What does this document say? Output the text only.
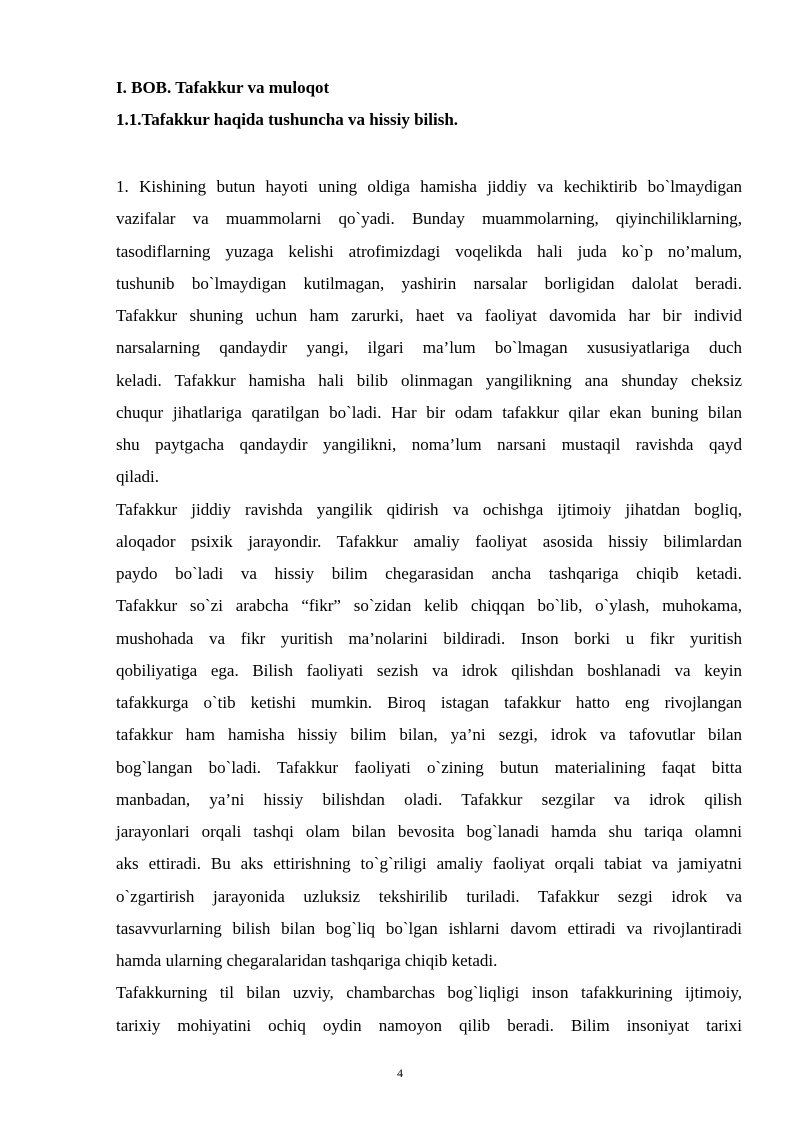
I. BOB. Tafakkur va muloqot
1.1.Tafakkur haqida tushuncha va hissiy bilish.
1. Kishining butun hayoti uning oldiga hamisha jiddiy va kechiktirib bo`lmaydigan
vazifalar va muammolarni qo`yadi. Bunday muammolarning, qiyinchiliklarning,
tasodiflarning yuzaga kelishi atrofimizdagi voqelikda hali juda ko`p no’malum,
tushunib bo`lmaydigan kutilmagan, yashirin narsalar borligidan dalolat beradi.
Tafakkur shuning uchun ham zarurki, haet va faoliyat davomida har bir individ
narsalarning qandaydir yangi, ilgari ma’lum bo`lmagan xususiyatlariga duch
keladi. Tafakkur hamisha hali bilib olinmagan yangilikning ana shunday cheksiz
chuqur jihatlariga qaratilgan bo`ladi. Har bir odam tafakkur qilar ekan buning bilan
shu paytgacha qandaydir yangilikni, noma’lum narsani mustaqil ravishda qayd
qiladi.
Tafakkur jiddiy ravishda yangilik qidirish va ochishga ijtimoiy jihatdan bogliq,
aloqador psixik jarayondir. Tafakkur amaliy faoliyat asosida hissiy bilimlardan
paydo bo`ladi va hissiy bilim chegarasidan ancha tashqariga chiqib ketadi.
Tafakkur so`zi arabcha “fikr” so`zidan kelib chiqqan bo`lib, o`ylash, muhokama,
mushohada va fikr yuritish ma’nolarini bildiradi. Inson borki u fikr yuritish
qobiliyatiga ega. Bilish faoliyati sezish va idrok qilishdan boshlanadi va keyin
tafakkurga o`tib ketishi mumkin. Biroq istagan tafakkur hatto eng rivojlangan
tafakkur ham hamisha hissiy bilim bilan, ya’ni sezgi, idrok va tafovutlar bilan
bog`langan bo`ladi. Tafakkur faoliyati o`zining butun materialining faqat bitta
manbadan, ya’ni hissiy bilishdan oladi. Tafakkur sezgilar va idrok qilish
jarayonlari orqali tashqi olam bilan bevosita bog`lanadi hamda shu tariqa olamni
aks ettiradi. Bu aks ettirishning to`g`riligi amaliy faoliyat orqali tabiat va jamiyatni
o`zgartirish jarayonida uzluksiz tekshirilib turiladi. Tafakkur sezgi idrok va
tasavvurlarning bilish bilan bog`liq bo`lgan ishlarni davom ettiradi va rivojlantiradi
hamda ularning chegaralaridan tashqariga chiqib ketadi.
Tafakkurning til bilan uzviy, chambarchas bog`liqligi inson tafakkurining ijtimoiy,
tarixiy mohiyatini ochiq oydin namoyon qilib beradi. Bilim insoniyat tarixi
4
